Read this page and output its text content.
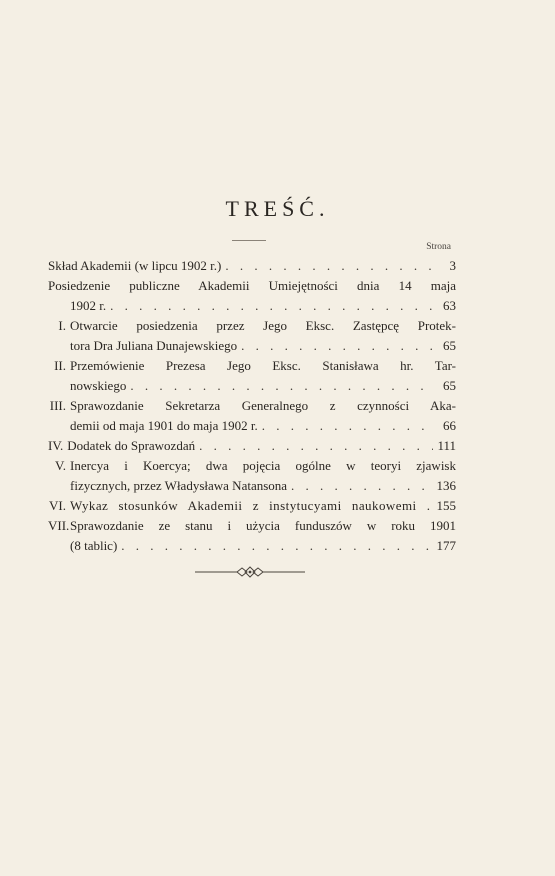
TREŚĆ.
Strona
Skład Akademii (w lipcu 1902 r.) . . .	3
Posiedzenie publiczne Akademii Umiejętności dnia 14 maja
1902 r. . . .	63
I. Otwarcie posiedzenia przez Jego Eksc. Zastępcę Protek-
tora Dra Juliana Dunajewskiego . . .	65
II. Przemówienie Prezesa Jego Eksc. Stanisława hr. Tar-
nowskiego . . .	65
III. Sprawozdanie Sekretarza Generalnego z czynności Aka-
demii od maja 1901 do maja 1902 r. . . .	66
IV. Dodatek do Sprawozdań . . .	111
V. Inercya i Koercya; dwa pojęcia ogólne w teoryi zjawisk
fizycznych, przez Władysława Natansona . . .	136
VI. Wykaz stosunków Akademii z instytucyami naukowemi . 155
VII. Sprawozdanie ze stanu i użycia funduszów w roku 1901
(8 tablic) . . .	177
